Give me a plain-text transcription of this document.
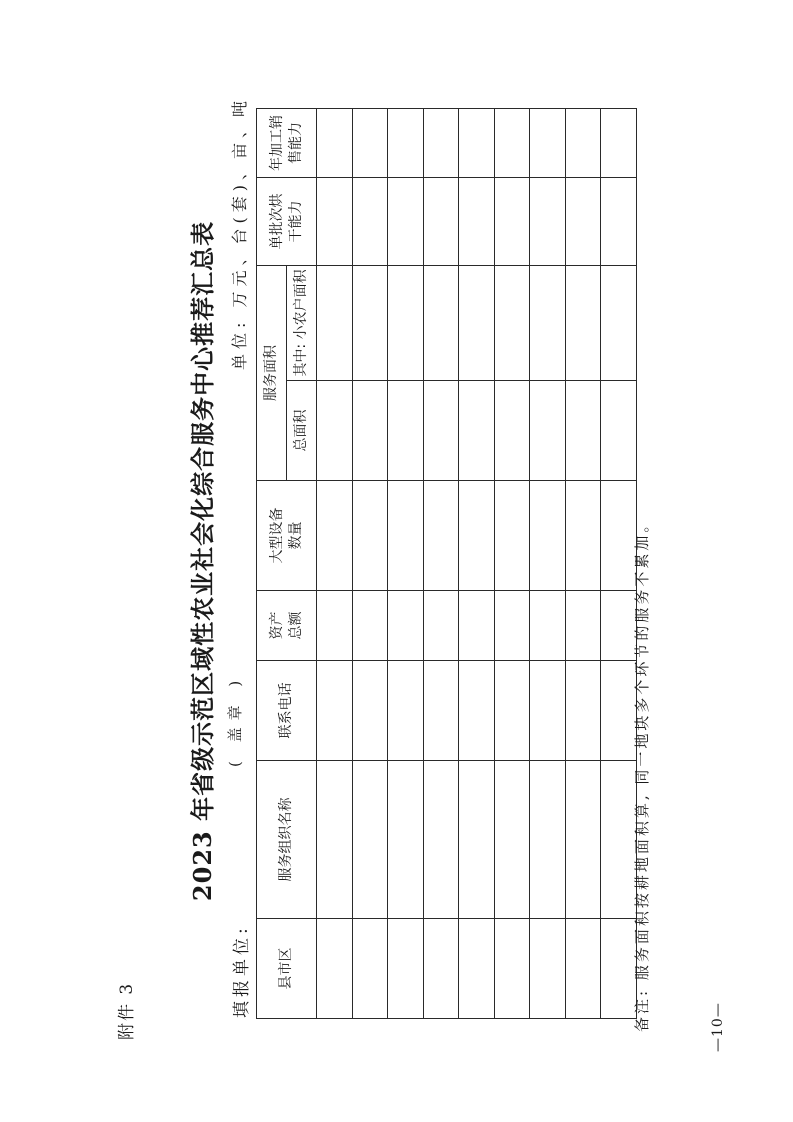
附件 3
2023 年省级示范区域性农业社会化综合服务中心推荐汇总表
填报单位:
( 盖章 )
单位: 万元、台(套)、亩、吨
县市区	服务组织名称	联系电话	资产总额	大型设备数量	服务面积		单批次烘干能力	年加工销售能力
					总面积	其中: 小农户面积		

备注: 服务面积按耕地面积算, 同一地块多个环节的服务不累加。	—10—
